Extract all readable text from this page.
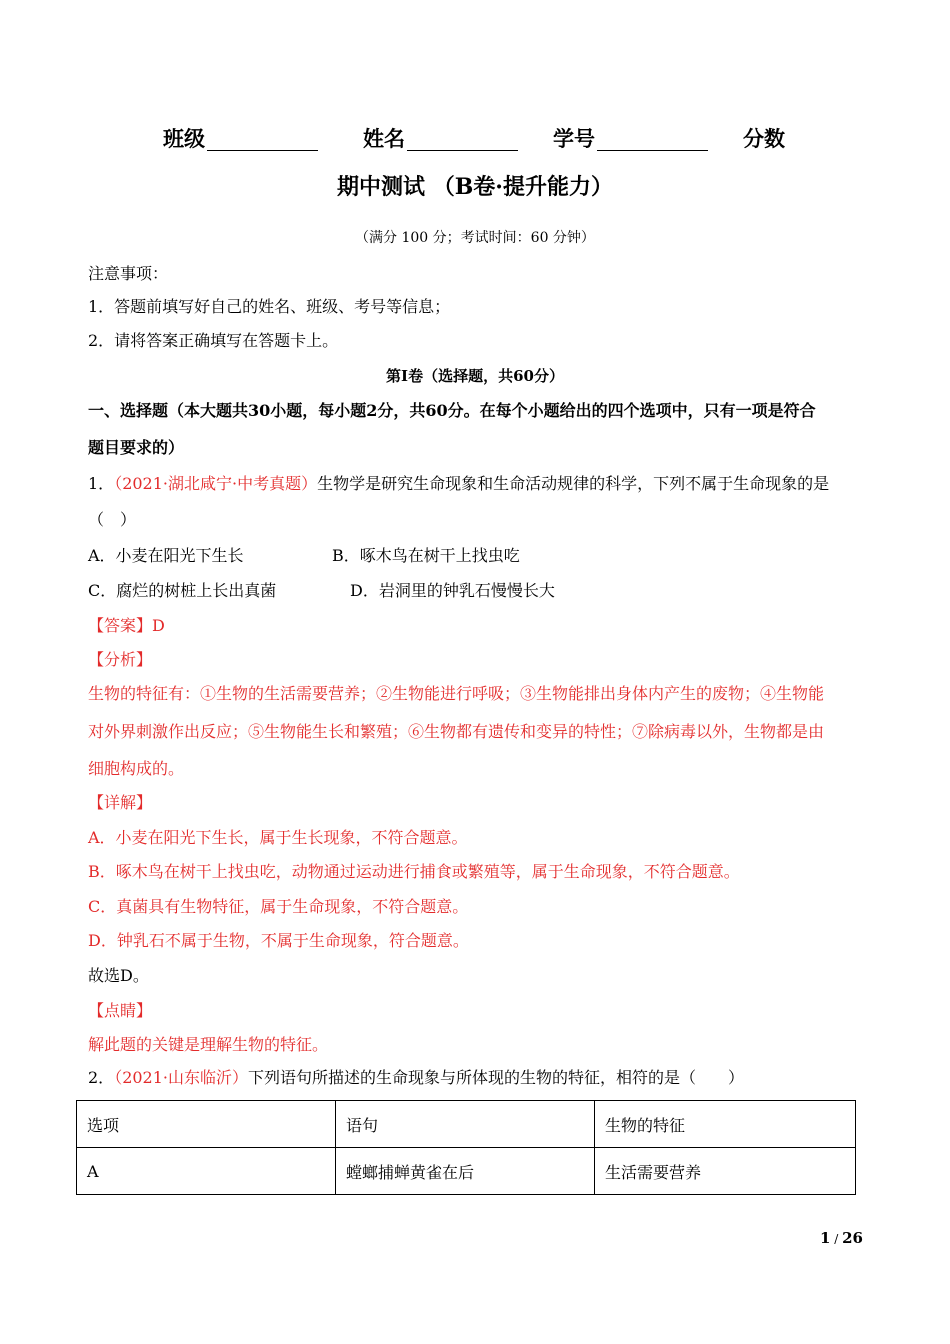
班级	姓名	学号	分数
期中测试 （B卷·提升能力）
（满分 100 分；考试时间：60 分钟）
注意事项：
1．答题前填写好自己的姓名、班级、考号等信息；
2．请将答案正确填写在答题卡上。
第Ⅰ卷（选择题，共60分）
一、选择题（本大题共30小题，每小题2分，共60分。在每个小题给出的四个选项中，只有一项是符合
题目要求的）
1．（2021·湖北咸宁·中考真题）生物学是研究生命现象和生命活动规律的科学，下列不属于生命现象的是
（　）
A．小麦在阳光下生长	B．啄木鸟在树干上找虫吃
C．腐烂的树桩上长出真菌	D．岩洞里的钟乳石慢慢长大
【答案】D
【分析】
生物的特征有：①生物的生活需要营养；②生物能进行呼吸；③生物能排出身体内产生的废物；④生物能
对外界刺激作出反应；⑤生物能生长和繁殖；⑥生物都有遗传和变异的特性；⑦除病毒以外，生物都是由
细胞构成的。
【详解】
A．小麦在阳光下生长，属于生长现象，不符合题意。
B．啄木鸟在树干上找虫吃，动物通过运动进行捕食或繁殖等，属于生命现象，不符合题意。
C．真菌具有生物特征，属于生命现象，不符合题意。
D．钟乳石不属于生物，不属于生命现象，符合题意。
故选D。
【点睛】
解此题的关键是理解生物的特征。
2．（2021·山东临沂）下列语句所描述的生命现象与所体现的生物的特征，相符的是（　　）
选项	语句	生物的特征
A	螳螂捕蝉黄雀在后	生活需要营养
1 / 26
